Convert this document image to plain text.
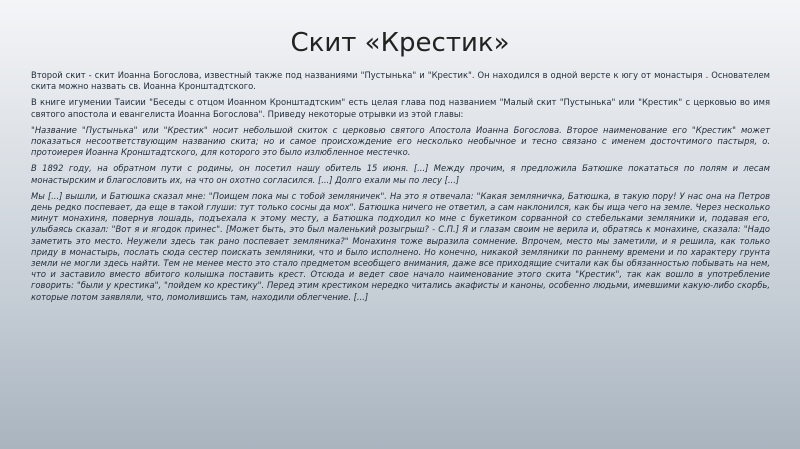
Скит «Крестик»

Второй скит - скит Иоанна Богослова, известный также под названиями "Пустынька" и "Крестик". Он находился в одной версте к югу от монастыря . Основателем скита можно назвать св. Иоанна Кронштадтского.

В книге игумении Таисии "Беседы с отцом Иоанном Кронштадтским" есть целая глава под названием "Малый скит "Пустынька" или "Крестик" с церковью во имя святого апостола и евангелиста Иоанна Богослова". Приведу некоторые отрывки из этой главы:

"Название "Пустынька" или "Крестик" носит небольшой скиток с церковью святого Апостола Иоанна Богослова. Второе наименование его "Крестик" может показаться несоответствующим названию скита; но и самое происхождение его несколько необычное и тесно связано с именем досточтимого пастыря, о. протоиерея Иоанна Кронштадтского, для которого это было излюбленное местечко.

В 1892 году, на обратном пути с родины, он посетил нашу обитель 15 июня. [...] Между прочим, я предложила Батюшке покататься по полям и лесам монастырским и благословить их, на что он охотно согласился. [...] Долго ехали мы по лесу [...]

Мы [...] вышли, и Батюшка сказал мне: "Поищем пока мы с тобой земляничек". На это я отвечала: "Какая земляничка, Батюшка, в такую пору! У нас она на Петров день редко поспевает, да еще в такой глуши: тут только сосны да мох". Батюшка ничего не ответил, а сам наклонился, как бы ища чего на земле. Через несколько минут монахиня, повернув лошадь, подъехала к этому месту, а Батюшка подходил ко мне с букетиком сорванной со стебельками земляники и, подавая его, улыбаясь сказал: "Вот я и ягодок принес". [Может быть, это был маленький розыгрыш? - С.П.] Я и глазам своим не верила и, обратясь к монахине, сказала: "Надо заметить это место. Неужели здесь так рано поспевает земляника?" Монахиня тоже выразила сомнение. Впрочем, место мы заметили, и я решила, как только приду в монастырь, послать сюда сестер поискать земляники, что и было исполнено. Но конечно, никакой земляники по раннему времени и по характеру грунта земли не могли здесь найти. Тем не менее место это стало предметом всеобщего внимания, даже все приходящие считали как бы обязанностью побывать на нем, что и заставило вместо вбитого колышка поставить крест. Отсюда и ведет свое начало наименование этого скита "Крестик", так как вошло в употребление говорить: "были у крестика", "пойдем ко крестику". Перед этим крестиком нередко читались акафисты и каноны, особенно людьми, имевшими какую-либо скорбь, которые потом заявляли, что, помолившись там, находили облегчение. [...]
